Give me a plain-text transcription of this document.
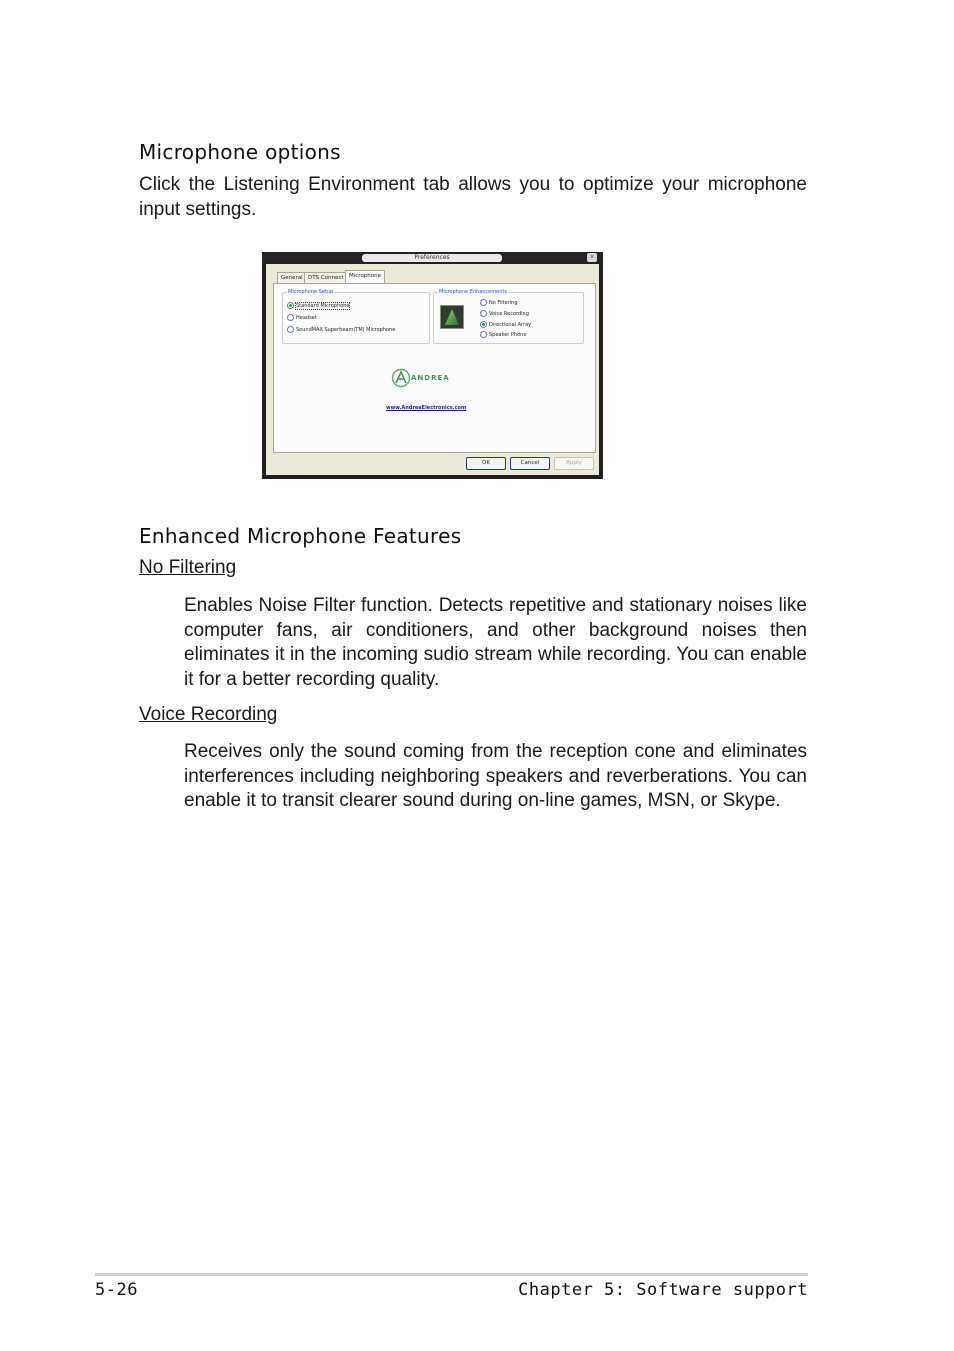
Microphone options
Click the Listening Environment tab allows you to optimize your microphone input settings.
Preferences	×
General DTS Connect Microphone
Microphone Setup
Standard Microphone
Headset
SoundMAX Superbeam(TM) Microphone
Microphone Enhancements
No Filtering
Voice Recording
Directional Array
Speaker Phone
ANDREA
www.AndreaElectronics.com
OK	Cancel	Apply
Enhanced Microphone Features
No Filtering
Enables Noise Filter function. Detects repetitive and stationary noises like computer fans, air conditioners, and other background noises then eliminates it in the incoming sudio stream while recording. You can enable it for a better recording quality.
Voice Recording
Receives only the sound coming from the reception cone and eliminates interferences including neighboring speakers and reverberations. You can enable it to transit clearer sound during on-line games, MSN, or Skype.
5-26	Chapter 5: Software support
